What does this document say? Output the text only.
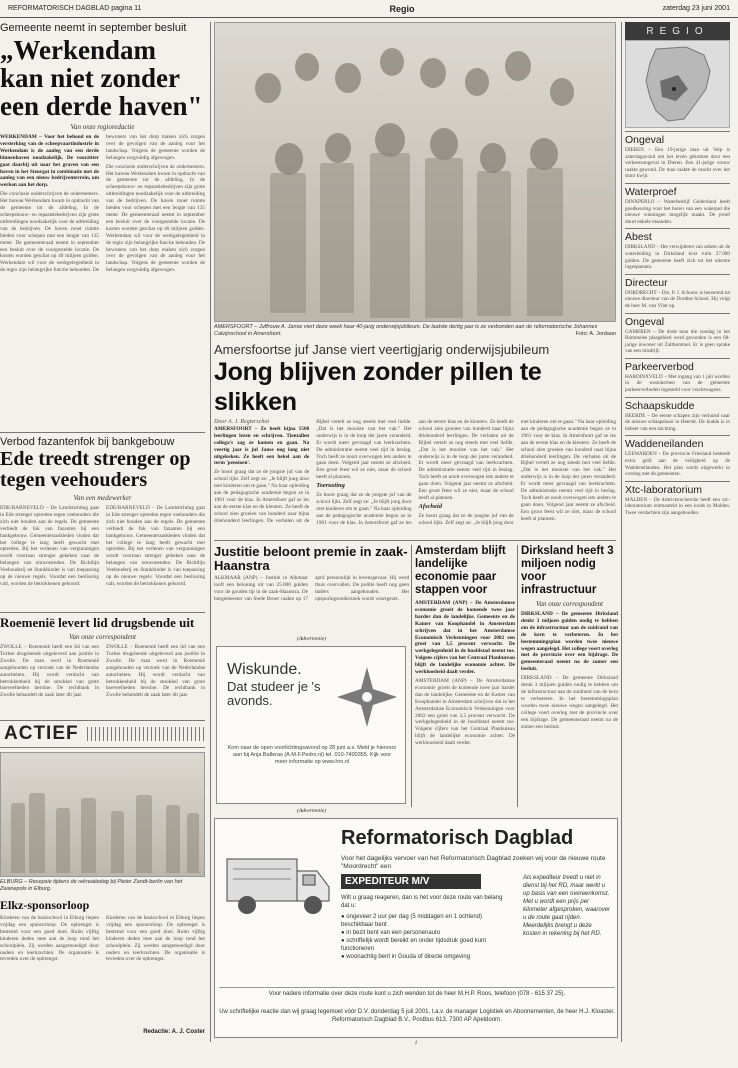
REFORMATORISCH DAGBLAD pagina 11	Regio	zaterdag 23 juni 2001
Gemeente neemt in september besluit
„Werkendam kan niet zonder een derde haven"
Van onze regioredactie

WERKENDAM – Voor het behoud en de versterking van de scheepvaartindustrie in Werkendam is de aanleg van een derde binnenhaven noodzakelijk. De voorzitter gaat daarbij uit naar het graven van een haven in het Steurgat in combinatie met de aanleg van een nieuw bedrijventerrein, om werken aan het dorp.

Die conclusie onderschrijven de ondernemers. Het bureau Werkendam kwam in opdracht van de gemeente tot de afdeling. In de scheepsbouw- en reparatiebedrijven zijn grote uitbreidingen noodzakelijk voor de uitbreiding van de bedrijven. De haven moet ruimte bieden voor schepen met een lengte van 135 meter. De gemeenteraad neemt in september een besluit over de voorgestelde locatie. De kosten worden geschat op 40 miljoen gulden. Werkendam wil voor de werkgelegenheid in de regio zijn belangrijke functie behouden. De bewoners van het dorp maken zich zorgen over de gevolgen van de aanleg voor het landschap. Volgens de gemeente worden de belangen zorgvuldig afgewogen.

Die conclusie onderschrijven de ondernemers. Het bureau Werkendam kwam in opdracht van de gemeente tot de afdeling. In de scheepsbouw- en reparatiebedrijven zijn grote uitbreidingen noodzakelijk voor de uitbreiding van de bedrijven. De haven moet ruimte bieden voor schepen met een lengte van 135 meter. De gemeenteraad neemt in september een besluit over de voorgestelde locatie. De kosten worden geschat op 40 miljoen gulden. Werkendam wil voor de werkgelegenheid in de regio zijn belangrijke functie behouden. De bewoners van het dorp maken zich zorgen over de gevolgen van de aanleg voor het landschap. Volgens de gemeente worden de belangen zorgvuldig afgewogen.

Verbod fazantenfok bij bankgebouw
Ede treedt strenger op tegen veehouders
Van een medewerker

EDE/BARNEVELD – De Landstichting gaat in Ede strenger optreden tegen veehouders die zich niet houden aan de regels. De gemeente verbiedt de fok van fazanten bij een bankgebouw. Gemeenteraadsleden vinden dat het college te lang heeft gewacht met optreden. Bij het verlenen van vergunningen wordt voortaan strenger gekeken naar de belangen van omwonenden. De Richtlijn Veehouderij en Stankhinder is van toepassing op de nieuwe regels. Voordat een beslissing valt, worden de betrokkenen gehoord.

EDE/BARNEVELD – De Landstichting gaat in Ede strenger optreden tegen veehouders die zich niet houden aan de regels. De gemeente verbiedt de fok van fazanten bij een bankgebouw. Gemeenteraadsleden vinden dat het college te lang heeft gewacht met optreden. Bij het verlenen van vergunningen wordt voortaan strenger gekeken naar de belangen van omwonenden. De Richtlijn Veehouderij en Stankhinder is van toepassing op de nieuwe regels. Voordat een beslissing valt, worden de betrokkenen gehoord.

Roemenië levert lid drugsbende uit
Van onze correspondent

ZWOLLE – Roemenië heeft een lid van een Turkse drugsbende uitgeleverd aan justitie in Zwolle. De man werd in Roemenië aangehouden op verzoek van de Nederlandse autoriteiten. Hij wordt verdacht van betrokkenheid bij de smokkel van grote hoeveelheden heroïne. De rechtbank in Zwolle behandelt de zaak later dit jaar.

ZWOLLE – Roemenië heeft een lid van een Turkse drugsbende uitgeleverd aan justitie in Zwolle. De man werd in Roemenië aangehouden op verzoek van de Nederlandse autoriteiten. Hij wordt verdacht van betrokkenheid bij de smokkel van grote hoeveelheden heroïne. De rechtbank in Zwolle behandelt de zaak later dit jaar.

ACTIEF
ELBURG – Recepsie tijdens de rekreatiedag bij Pieter Zandt-berlin van het Zwanepols in Elburg.
Elkz-sponsorloop

Kinderen van de basisschool in Elburg liepen vrijdag een sponsorloop. De opbrengst is bestemd voor een goed doel. Ruim vijftig kinderen deden mee aan de loop rond het schoolplein. Zij werden aangemoedigd door ouders en leerkrachten. De organisatie is tevreden over de opbrengst.

Kinderen van de basisschool in Elburg liepen vrijdag een sponsorloop. De opbrengst is bestemd voor een goed doel. Ruim vijftig kinderen deden mee aan de loop rond het schoolplein. Zij werden aangemoedigd door ouders en leerkrachten. De organisatie is tevreden over de opbrengst.

Redactie: A. J. Coster
AMERSFOORT – Juffrouw A. Janse viert deze week haar 40-jarig onderwijsjubileum. De laatste dertig jaar is ze verbonden aan de reformatorische Johannes Calvijnschool in Amersfoort.	Foto: A. Jordaan
Amersfoortse juf Janse viert veertigjarig onderwijsjubileum
Jong blijven zonder pillen te slikken
Door A. J. Regterschot

AMERSFOORT – Ze heeft bijna 1500 leerlingen lezen en schrijven. Tientallen collega's zag ze komen en gaan. Na veertig jaar is juf Janse nog lang niet uitgekeken. Ze heeft een hekel aan de term 'pensioen'.

Ze hoort graag dat ze de jongste juf van de school lijkt. Zelf zegt ze: „Je blijft jong door met kinderen om te gaan." Na haar opleiding aan de pedagogische academie begon ze in 1961 voor de klas. In Amersfoort gaf ze les aan de eerste klas en de kleuters. Ze heeft de school zien groeien van honderd naar bijna driehonderd leerlingen. De verhalen uit de Bijbel vertelt ze nog steeds met veel liefde. „Dat is het mooiste van het vak." Het onderwijs is in de loop der jaren veranderd. Er wordt meer gevraagd van leerkrachten. De administratie neemt veel tijd in beslag. Toch heeft ze nooit overwogen iets anders te gaan doen. Volgend jaar neemt ze afscheid. Een groot feest wil ze niet, maar de school heeft al plannen.

Toerusting

Ze hoort graag dat ze de jongste juf van de school lijkt. Zelf zegt ze: „Je blijft jong door met kinderen om te gaan." Na haar opleiding aan de pedagogische academie begon ze in 1961 voor de klas. In Amersfoort gaf ze les aan de eerste klas en de kleuters. Ze heeft de school zien groeien van honderd naar bijna driehonderd leerlingen. De verhalen uit de Bijbel vertelt ze nog steeds met veel liefde. „Dat is het mooiste van het vak." Het onderwijs is in de loop der jaren veranderd. Er wordt meer gevraagd van leerkrachten. De administratie neemt veel tijd in beslag. Toch heeft ze nooit overwogen iets anders te gaan doen. Volgend jaar neemt ze afscheid. Een groot feest wil ze niet, maar de school heeft al plannen.

Afscheid

Ze hoort graag dat ze de jongste juf van de school lijkt. Zelf zegt ze: „Je blijft jong door met kinderen om te gaan." Na haar opleiding aan de pedagogische academie begon ze in 1961 voor de klas. In Amersfoort gaf ze les aan de eerste klas en de kleuters. Ze heeft de school zien groeien van honderd naar bijna driehonderd leerlingen. De verhalen uit de Bijbel vertelt ze nog steeds met veel liefde. „Dat is het mooiste van het vak." Het onderwijs is in de loop der jaren veranderd. Er wordt meer gevraagd van leerkrachten. De administratie neemt veel tijd in beslag. Toch heeft ze nooit overwogen iets anders te gaan doen. Volgend jaar neemt ze afscheid. Een groot feest wil ze niet, maar de school heeft al plannen.

Justitie beloont premie in zaak-Haanstra

ALKMAAR (ANP) – Justitie in Alkmaar looft een beloning uit van 25.000 gulden voor de gouden tip in de zaak-Haanstra. De burgemeester van Stede Broec raakte op 17 april persoonlijk in levensgevaar. Hij werd thuis overvallen. De politie heeft nog geen daders aangehouden. Het opsporingsonderzoek wordt voortgezet.

(Advertentie)
Wiskunde.
Dat studeer je 's avonds.
Kom naar de open voorlichtingsavond op 28 juni a.s. Meld je hiervoor aan bij Anja Balleras (A.M.F.Pedro.nl) tel. 010-7400355. Kijk voor meer informatie op www.hro.nl
(Advertentie)
Amsterdam blijft landelijke economie paar stappen voor

AMSTERDAM (ANP) – De Amsterdamse economie groeit de komende twee jaar harder dan de landelijke. Gemeente en de Kamer van Koophandel in Amsterdam schrijven dat in het Amsterdamse Economisch Verkenningen voor 2002 een groei van 3,5 procent verwacht. De werkgelegenheid in de hoofdstad neemt toe. Volgens cijfers van het Centraal Planbureau blijft de landelijke economie achter. De werkloosheid daalt verder.

AMSTERDAM (ANP) – De Amsterdamse economie groeit de komende twee jaar harder dan de landelijke. Gemeente en de Kamer van Koophandel in Amsterdam schrijven dat in het Amsterdamse Economisch Verkenningen voor 2002 een groei van 3,5 procent verwacht. De werkgelegenheid in de hoofdstad neemt toe. Volgens cijfers van het Centraal Planbureau blijft de landelijke economie achter. De werkloosheid daalt verder.

Dirksland heeft 3 miljoen nodig voor infrastructuur
Van onze correspondent

DIRKSLAND – De gemeente Dirksland denkt 3 miljoen gulden nodig te hebben om de infrastructuur aan de zuidrand van de kern te verbeteren. In het bestemmingsplan worden twee nieuwe wegen aangelegd. Het college voert overleg met de provincie over een bijdrage. De gemeenteraad neemt na de zomer een besluit.

DIRKSLAND – De gemeente Dirksland denkt 3 miljoen gulden nodig te hebben om de infrastructuur aan de zuidrand van de kern te verbeteren. In het bestemmingsplan worden twee nieuwe wegen aangelegd. Het college voert overleg met de provincie over een bijdrage. De gemeenteraad neemt na de zomer een besluit.

Reformatorisch Dagblad
Voor het dagelijks vervoer van het Reformatorisch Dagblad zoeken wij voor de nieuwe route "Moordrecht" een
EXPEDITEUR M/V
Wilt u graag reageren, dan is het voor deze route van belang dat u:
● ongeveer 2 uur per dag (5 middagen en 1 ochtend) beschikbaar bent
● in bezit bent van een personenauto
● schriftelijk wordt bereikt en onder tijdsdruk goed kunt functioneren
● woonachtig bent in Gouda of directe omgeving
Als expediteur treedt u niet in dienst bij het RD, maar werkt u op basis van een overeenkomst. Met u wordt een prijs per kilometer afgesproken, waarover u de route gaat rijden. Meerdelijks brengt u deze kosten in rekening bij het RD.
Voor nadere informatie over deze route kunt u zich wenden tot de heer M.H.P. Roos, telefoon (078 - 615 37 25).
Uw schriftelijke reactie dan wij graag tegemoet vóór D.V. donderdag 5 juli 2001, t.a.v. de manager Logistiek en Abonnementen, de heer H.J. Kloaster, Reformatorisch Dagblad B.V., Postbus 613, 7300 AP Apeldoorn.
1
REGIO
Ongeval
DIEREN – Een 19-jarige man uit Velp is zaterdagavond om het leven gekomen door een verkeersongeval in Dieren. Een 41-jarige vrouw raakte gewond. De man raakte de macht over het stuur kwijt.
Waterproef
DINXPERLO – Waterbedrijf Gelderland heeft goedkeuring voor het boren van een waterput die nieuwe winningen mogelijk maakt. De proef duurt enkele maanden.
Abest
DIRKSLAND – Het verwijderen van asbest uit de waterleiding in Dirksland kost ruim 27.000 gulden. De gemeente heeft zich tot het uiterste ingespannen.
Directeur
DORDRECHT – Drs. P. J. Schouw is benoemd tot nieuwe directeur van de Dordtse School. Hij volgt de heer M. van Vliet op.
Ongeval
GAMEREN – De dode man die zondag in het Bommelse plasgebied werd gevonden is een 68-jarige inwoner uit Zaltbommel. Er is geen sprake van een misdrijf.
Parkeerverbod
HARDINXVELD – Met ingang van 1 juli worden in de woonkernen van de gemeente parkeerverboden ingesteld voor vrachtwagens.
Schaapskudde
HEERDE – De eerste schapen zijn verhuisd naar de nieuwe schaapskooi in Heerde. De kudde is in beheer van een stichting.
Waddeneilanden
LEEWARDEN – De provincie Friesland besteedt extra geld aan de veiligheid op de Waddeneilanden. Het plan wordt uitgewerkt in overleg met de gemeenten.
Xtc-laboratorium
MALDEN – De districtsrecherche heeft een xtc-laboratorium ontmanteld in een loods in Malden. Twee verdachten zijn aangehouden.
